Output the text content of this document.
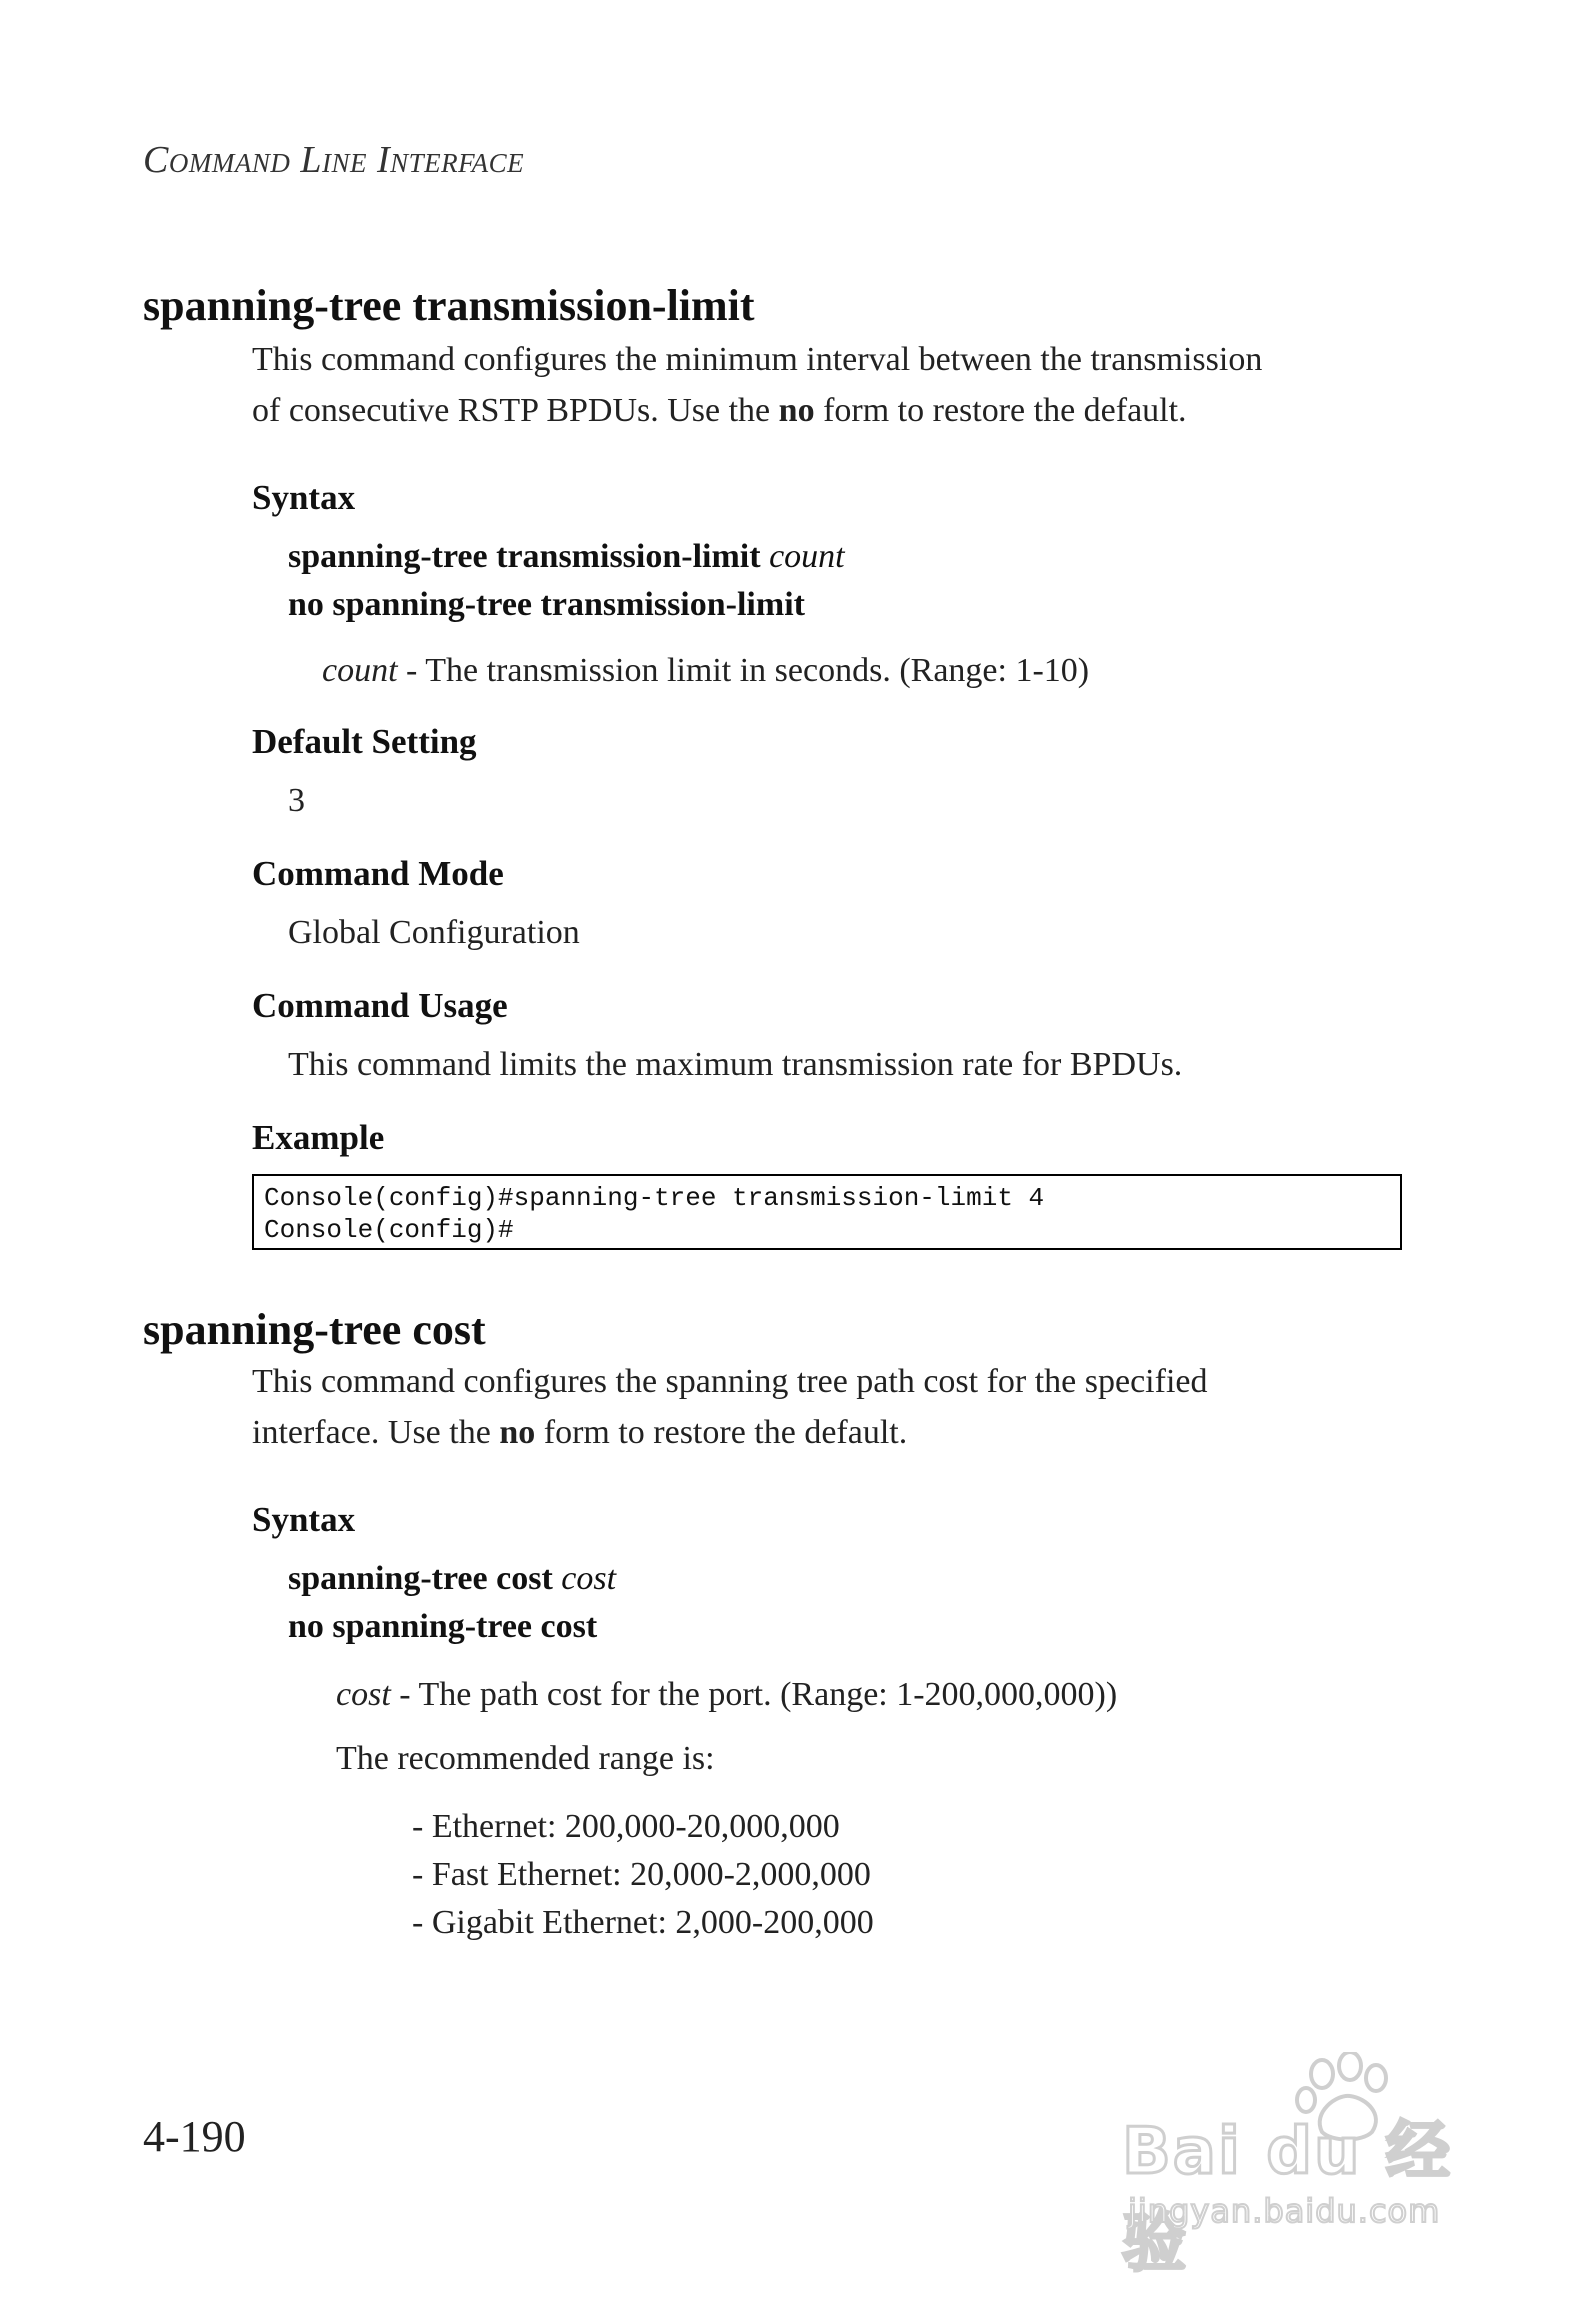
Command Line Interface
spanning-tree transmission-limit
This command configures the minimum interval between the transmission
of consecutive RSTP BPDUs. Use the no form to restore the default.
Syntax
spanning-tree transmission-limit count
no spanning-tree transmission-limit
count - The transmission limit in seconds. (Range: 1-10)
Default Setting
3
Command Mode
Global Configuration
Command Usage
This command limits the maximum transmission rate for BPDUs.
Example
Console(config)#spanning-tree transmission-limit 4
Console(config)#
spanning-tree cost
This command configures the spanning tree path cost for the specified
interface. Use the no form to restore the default.
Syntax
spanning-tree cost cost
no spanning-tree cost
cost - The path cost for the port. (Range: 1-200,000,000))
The recommended range is:
- Ethernet: 200,000-20,000,000
- Fast Ethernet: 20,000-2,000,000
- Gigabit Ethernet: 2,000-200,000
4-190	Bai du 经验
jingyan.baidu.com
